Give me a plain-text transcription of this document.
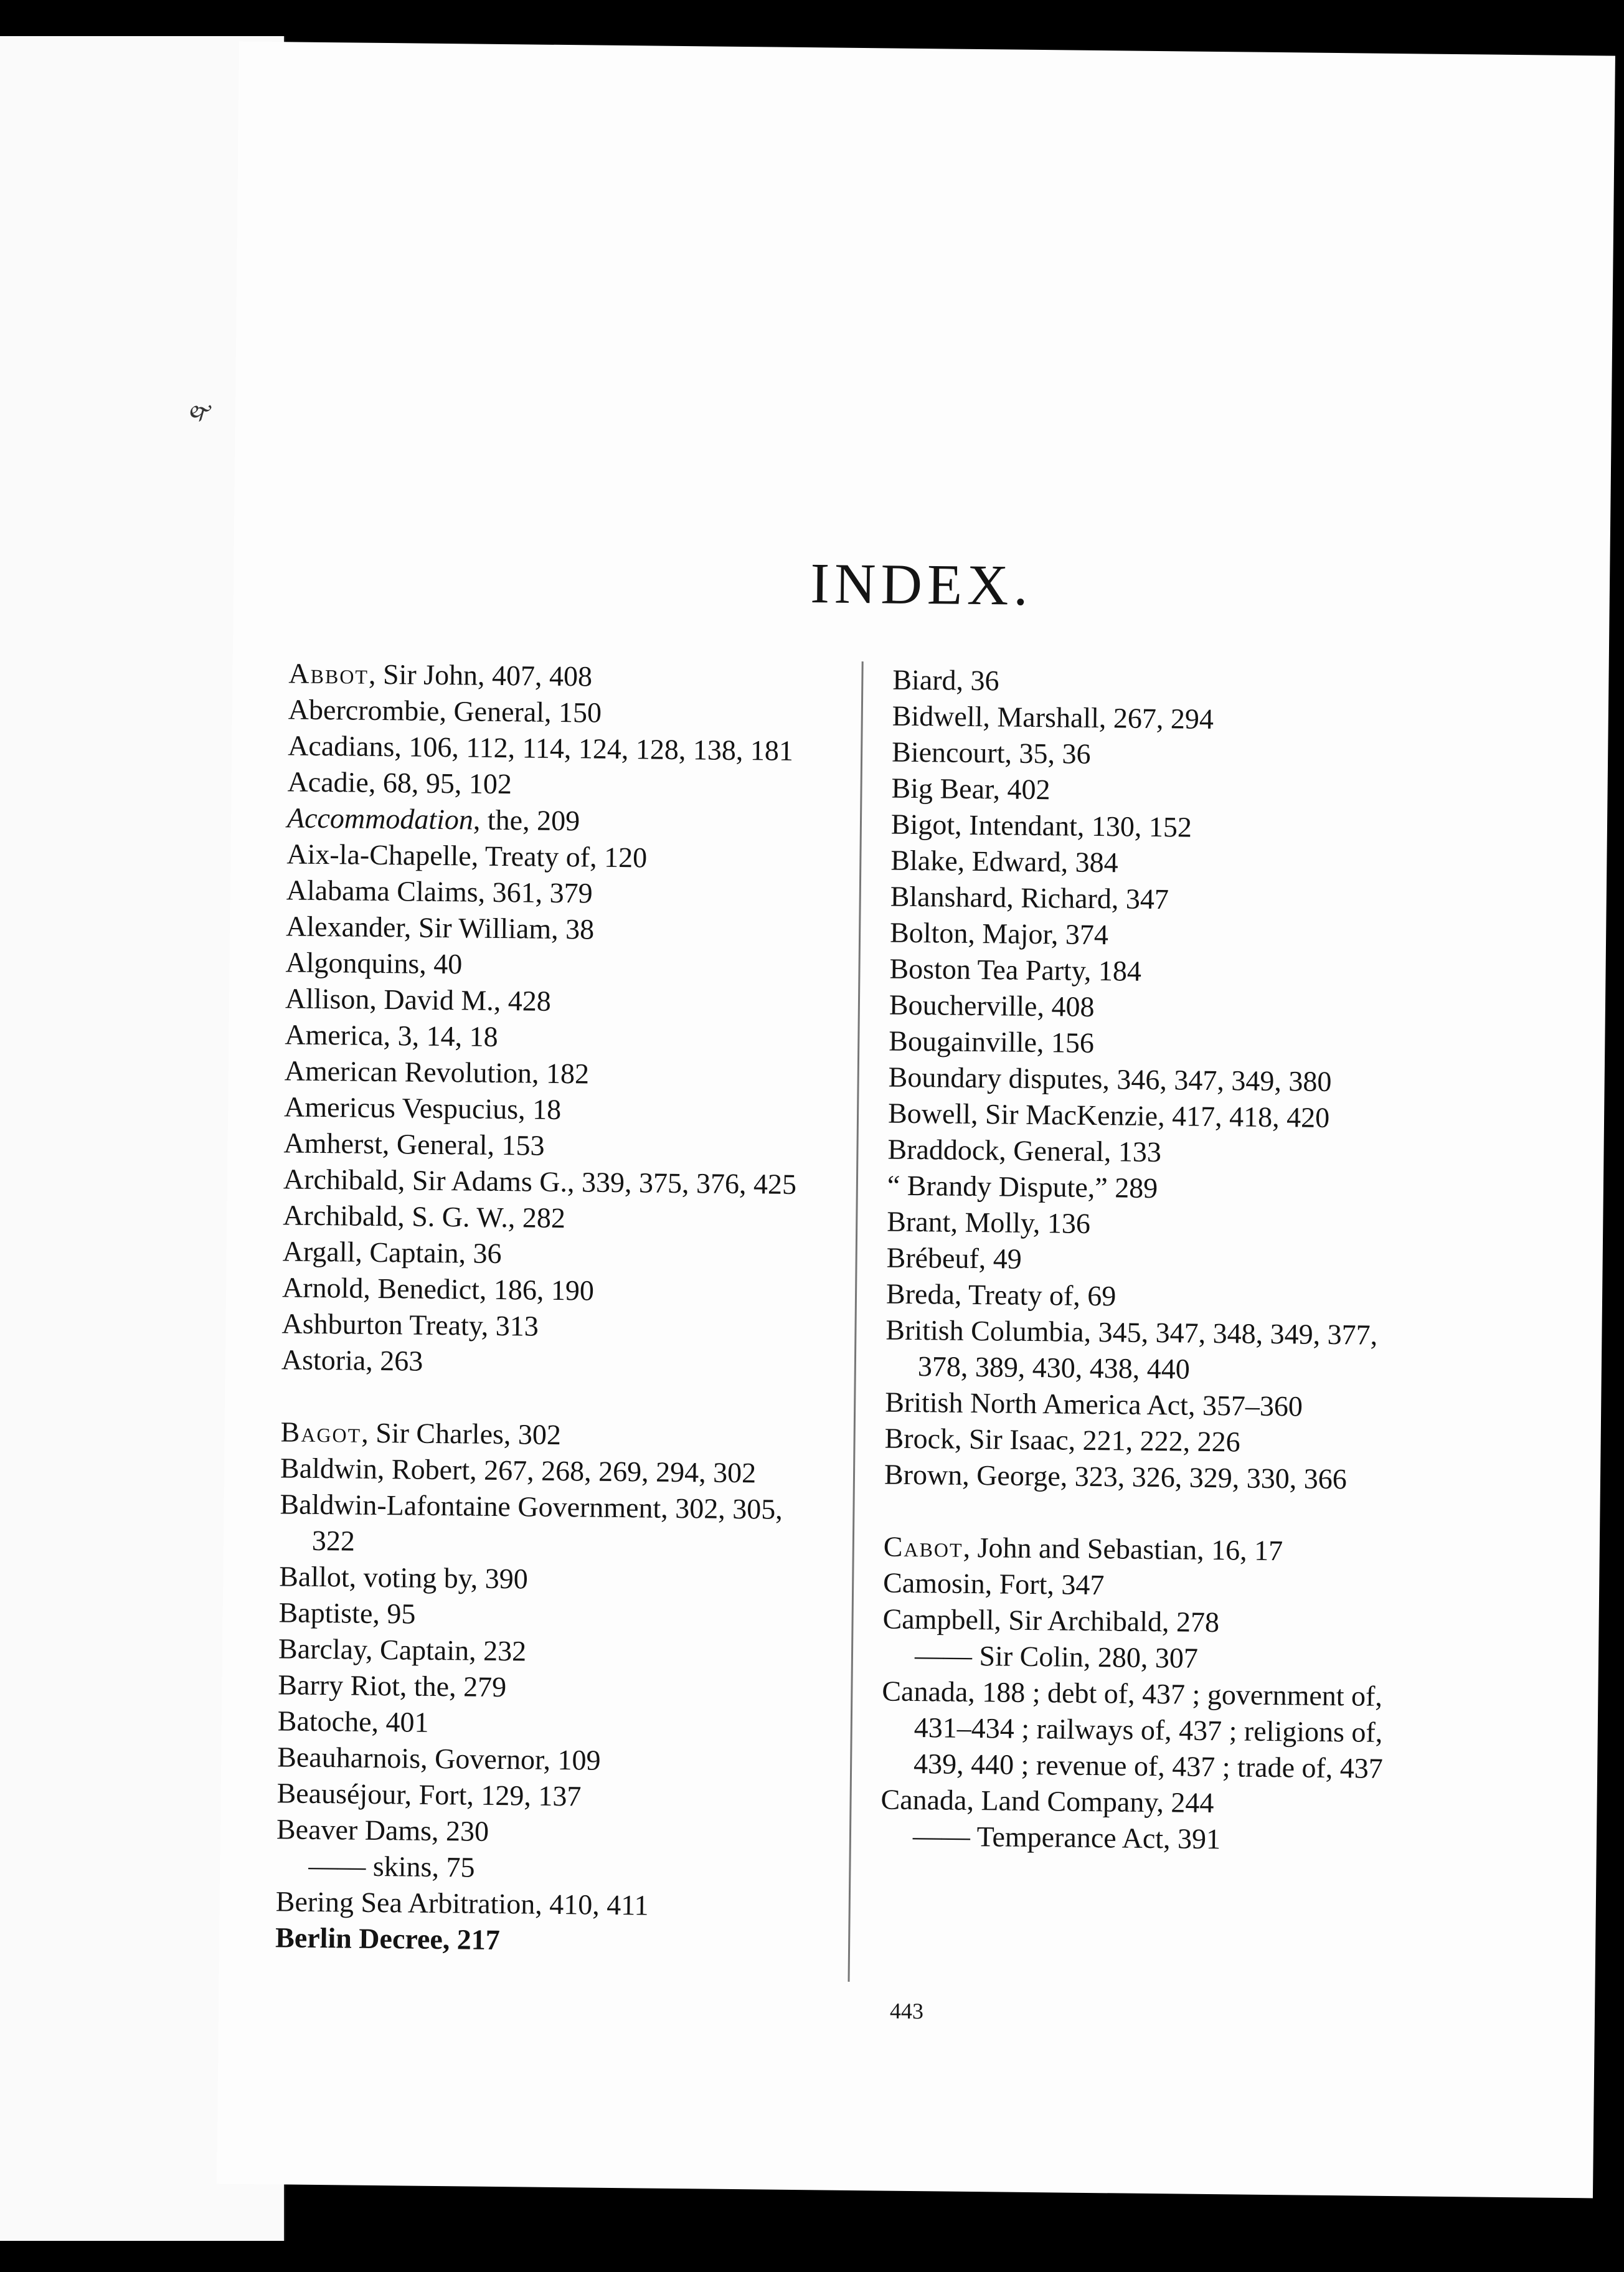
🙰
INDEX.

Abbot, Sir John, 407, 408

Abercrombie, General, 150

Acadians, 106, 112, 114, 124, 128, 138, 181

Acadie, 68, 95, 102

Accommodation, the, 209

Aix-la-Chapelle, Treaty of, 120

Alabama Claims, 361, 379

Alexander, Sir William, 38

Algonquins, 40

Allison, David M., 428

America, 3, 14, 18

American Revolution, 182

Americus Vespucius, 18

Amherst, General, 153

Archibald, Sir Adams G., 339, 375, 376, 425

Archibald, S. G. W., 282

Argall, Captain, 36

Arnold, Benedict, 186, 190

Ashburton Treaty, 313

Astoria, 263

Bagot, Sir Charles, 302

Baldwin, Robert, 267, 268, 269, 294, 302

Baldwin-Lafontaine Government, 302, 305, 322

Ballot, voting by, 390

Baptiste, 95

Barclay, Captain, 232

Barry Riot, the, 279

Batoche, 401

Beauharnois, Governor, 109

Beauséjour, Fort, 129, 137

Beaver Dams, 230

—— skins, 75

Bering Sea Arbitration, 410, 411

Berlin Decree, 217

Biard, 36

Bidwell, Marshall, 267, 294

Biencourt, 35, 36

Big Bear, 402

Bigot, Intendant, 130, 152

Blake, Edward, 384

Blanshard, Richard, 347

Bolton, Major, 374

Boston Tea Party, 184

Boucherville, 408

Bougainville, 156

Boundary disputes, 346, 347, 349, 380

Bowell, Sir MacKenzie, 417, 418, 420

Braddock, General, 133

“ Brandy Dispute,” 289

Brant, Molly, 136

Brébeuf, 49

Breda, Treaty of, 69

British Columbia, 345, 347, 348, 349, 377, 378, 389, 430, 438, 440

British North America Act, 357–360

Brock, Sir Isaac, 221, 222, 226

Brown, George, 323, 326, 329, 330, 366

Cabot, John and Sebastian, 16, 17

Camosin, Fort, 347

Campbell, Sir Archibald, 278

—— Sir Colin, 280, 307

Canada, 188 ; debt of, 437 ; government of, 431–434 ; railways of, 437 ; religions of, 439, 440 ; revenue of, 437 ; trade of, 437

Canada, Land Company, 244

—— Temperance Act, 391

443
